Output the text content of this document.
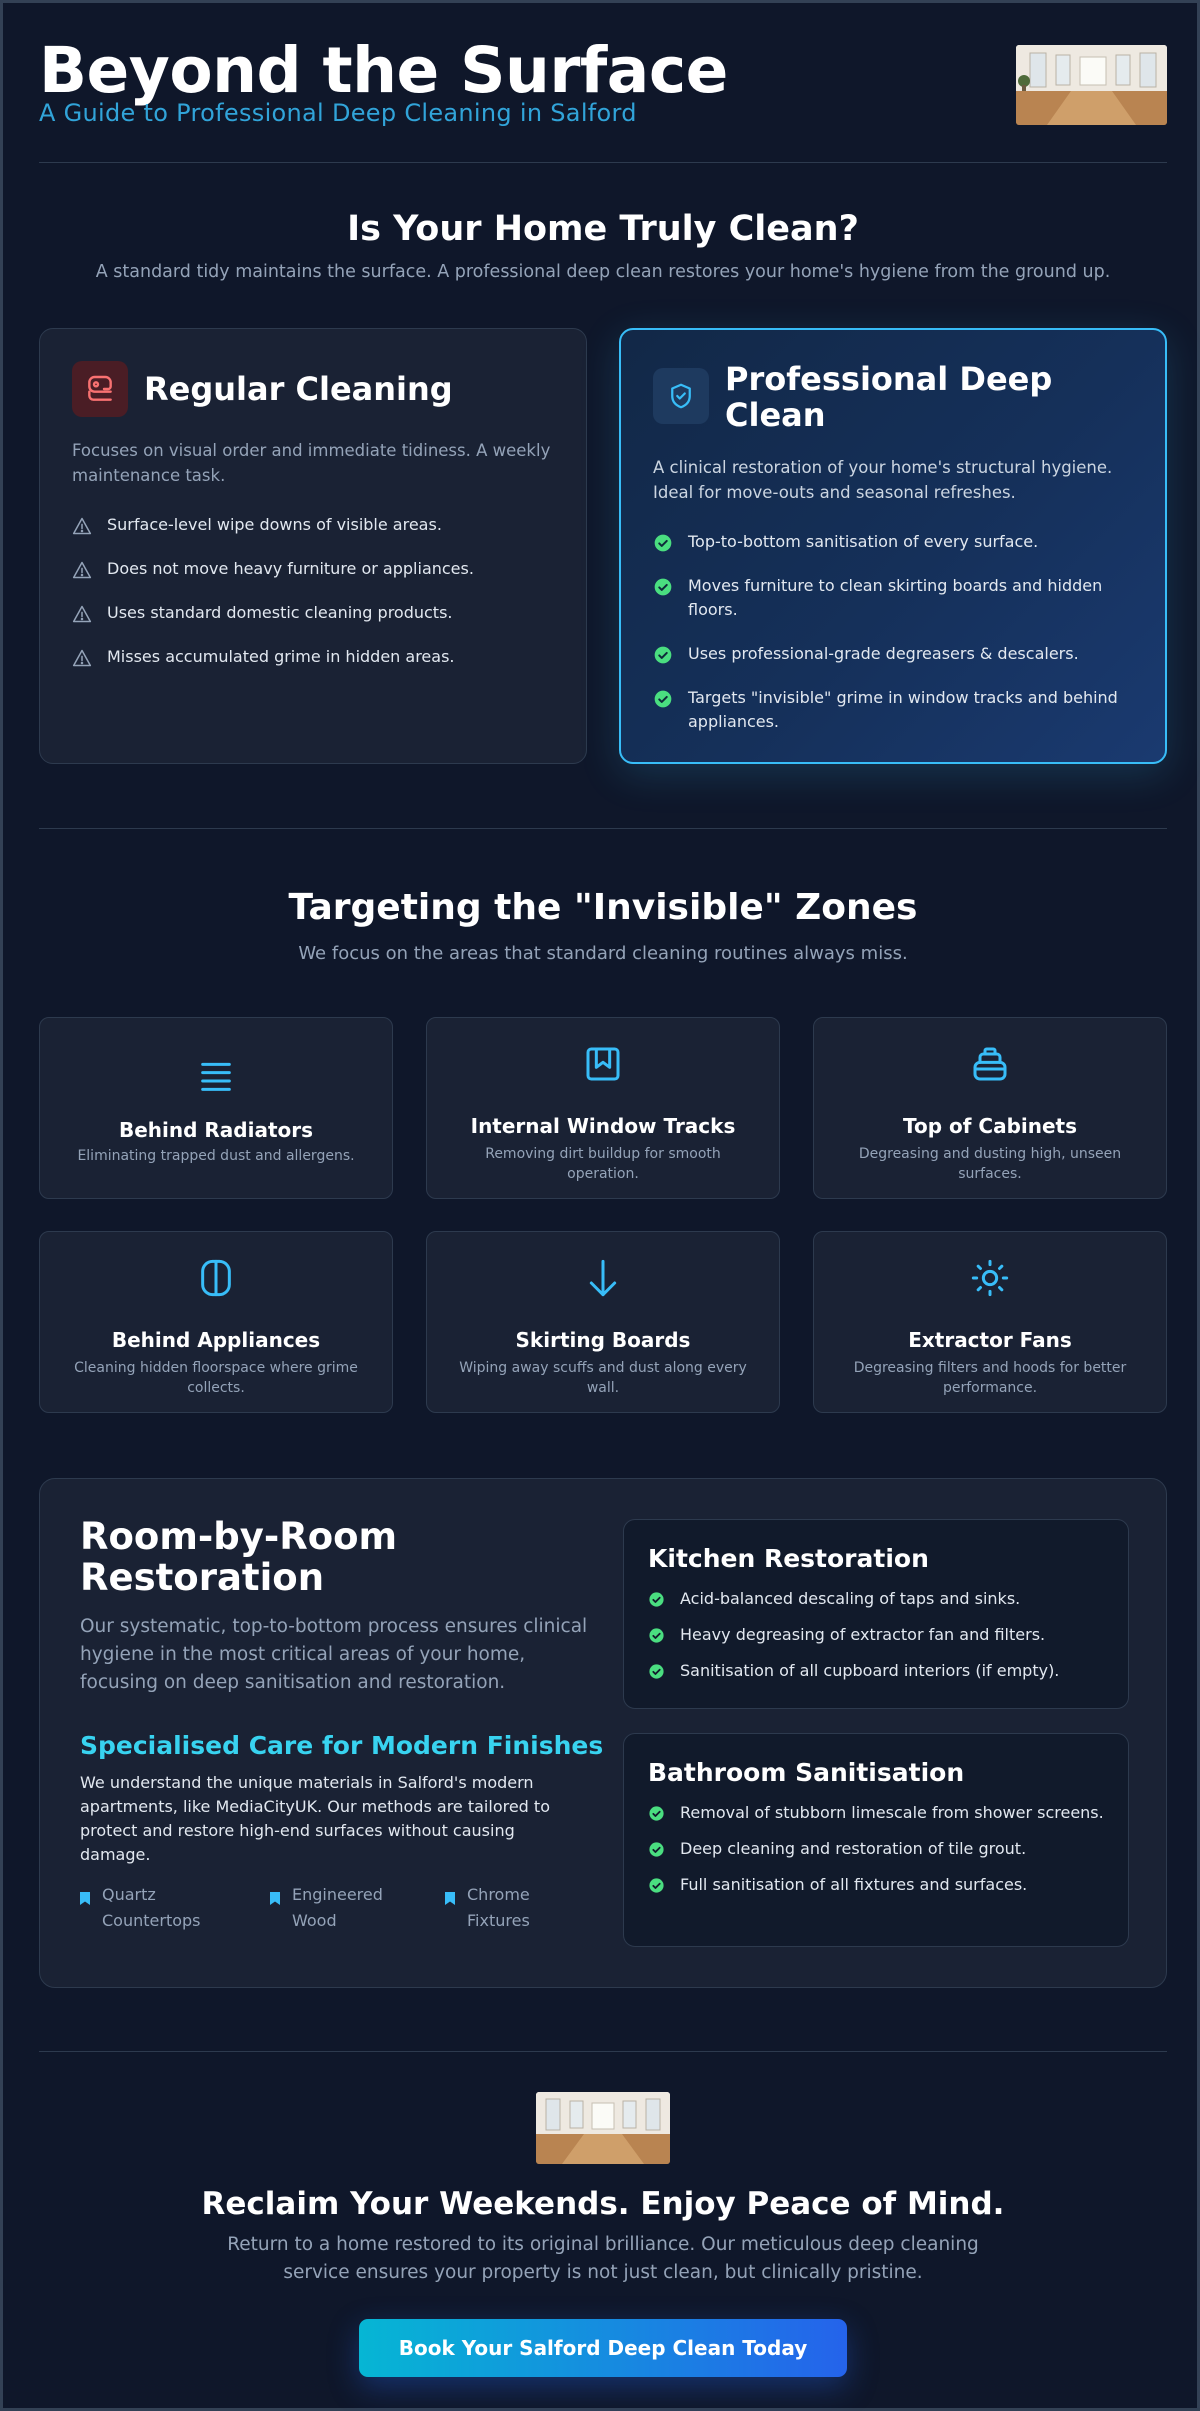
Beyond the Surface
A Guide to Professional Deep Cleaning in Salford
Is Your Home Truly Clean?
A standard tidy maintains the surface. A professional deep clean restores your home's hygiene from the ground up.
Regular Cleaning
Focuses on visual order and immediate tidiness. A weekly maintenance task.
Surface-level wipe downs of visible areas.
Does not move heavy furniture or appliances.
Uses standard domestic cleaning products.
Misses accumulated grime in hidden areas.
Professional Deep Clean
A clinical restoration of your home's structural hygiene. Ideal for move-outs and seasonal refreshes.
Top-to-bottom sanitisation of every surface.
Moves furniture to clean skirting boards and hidden floors.
Uses professional-grade degreasers & descalers.
Targets "invisible" grime in window tracks and behind appliances.
Targeting the "Invisible" Zones
We focus on the areas that standard cleaning routines always miss.
Behind Radiators
Eliminating trapped dust and allergens.
Internal Window Tracks
Removing dirt buildup for smooth operation.
Top of Cabinets
Degreasing and dusting high, unseen surfaces.
Behind Appliances
Cleaning hidden floorspace where grime collects.
Skirting Boards
Wiping away scuffs and dust along every wall.
Extractor Fans
Degreasing filters and hoods for better performance.
Room-by-Room Restoration
Our systematic, top-to-bottom process ensures clinical hygiene in the most critical areas of your home, focusing on deep sanitisation and restoration.
Specialised Care for Modern Finishes
We understand the unique materials in Salford's modern apartments, like MediaCityUK. Our methods are tailored to protect and restore high-end surfaces without causing damage.
Quartz Countertops
Engineered Wood
Chrome Fixtures
Kitchen Restoration
Acid-balanced descaling of taps and sinks.
Heavy degreasing of extractor fan and filters.
Sanitisation of all cupboard interiors (if empty).
Bathroom Sanitisation
Removal of stubborn limescale from shower screens.
Deep cleaning and restoration of tile grout.
Full sanitisation of all fixtures and surfaces.
Reclaim Your Weekends. Enjoy Peace of Mind.
Return to a home restored to its original brilliance. Our meticulous deep cleaning service ensures your property is not just clean, but clinically pristine.
Book Your Salford Deep Clean Today
